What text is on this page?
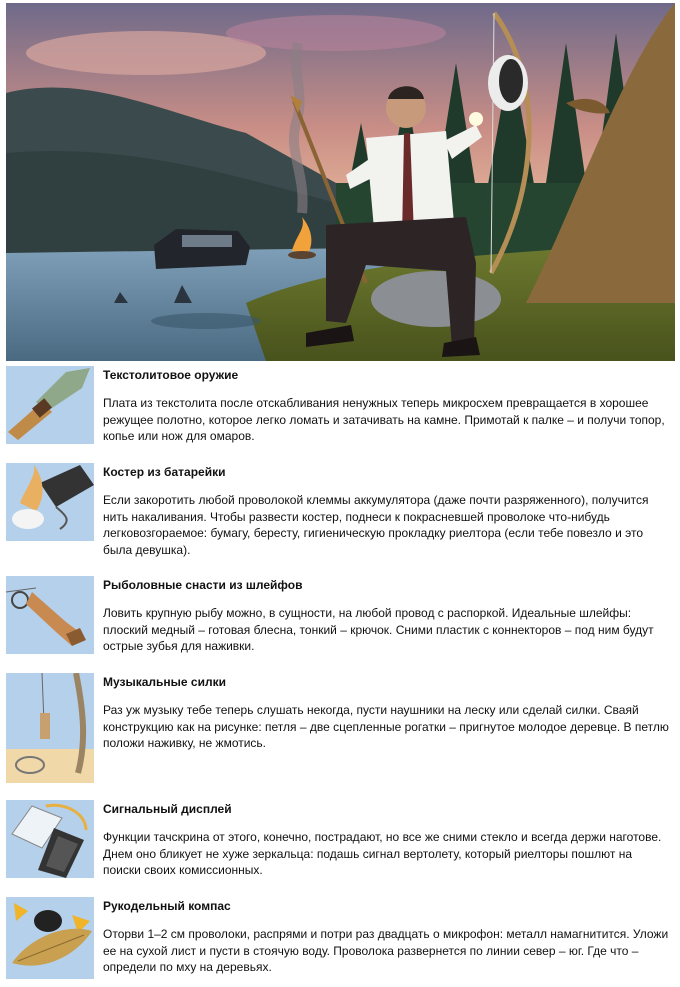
Текстолитовое оружие
Плата из текстолита после отскабливания ненужных теперь микросхем превращается в хорошее режущее полотно, которое легко ломать и затачивать на камне. Примотай к палке – и получи топор, копье или нож для омаров.
Костер из батарейки
Если закоротить любой проволокой клеммы аккумулятора (даже почти разряженного), получится нить накаливания. Чтобы развести костер, поднеси к покрасневшей проволоке что-нибудь легковозгораемое: бумагу, бересту, гигиеническую прокладку риелтора (если тебе повезло и это была девушка).
Рыболовные снасти из шлейфов
Ловить крупную рыбу можно, в сущности, на любой провод с распоркой. Идеальные шлейфы: плоский медный – готовая блесна, тонкий – крючок. Сними пластик с коннекторов – под ним будут острые зубья для наживки.
Музыкальные силки
Раз уж музыку тебе теперь слушать некогда, пусти наушники на леску или сделай силки. Сваяй конструкцию как на рисунке: петля – две сцепленные рогатки – пригнутое молодое деревце. В петлю положи наживку, не жмотись.
Сигнальный дисплей
Функции тачскрина от этого, конечно, пострадают, но все же сними стекло и всегда держи наготове. Днем оно бликует не хуже зеркальца: подашь сигнал вертолету, который риелторы пошлют на поиски своих комиссионных.
Рукодельный компас
Оторви 1–2 см проволоки, распрями и потри раз двадцать о микрофон: металл намагнитится. Уложи ее на сухой лист и пусти в стоячую воду. Проволока развернется по линии север – юг. Где что – определи по мху на деревьях.
